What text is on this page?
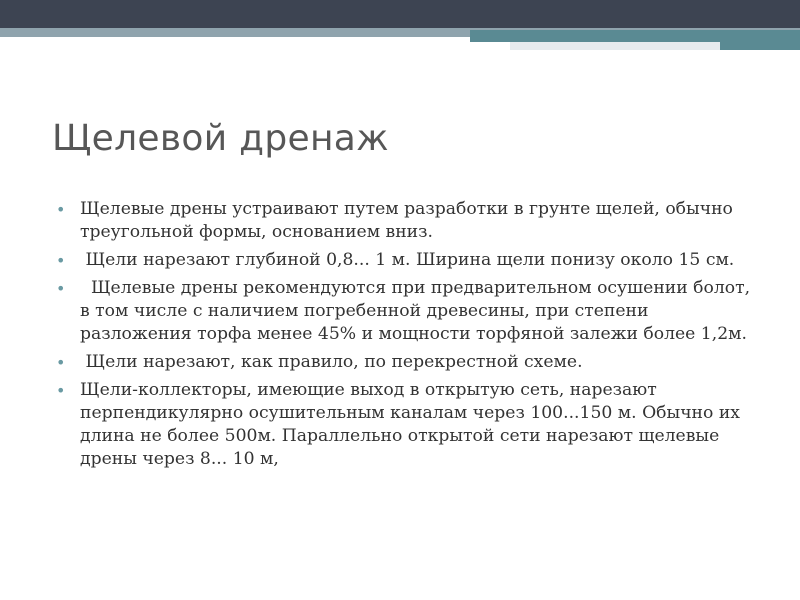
Щелевой дренаж
• Щелевые дрены устраивают путем разработки в грунте щелей, обычно треугольной формы, основанием вниз.
• Щели нарезают глубиной 0,8... 1 м. Ширина щели понизу около 15 см.
• Щелевые дрены рекомендуются при предварительном осушении болот, в том числе с наличием погребенной древесины, при степени разложения торфа менее 45% и мощности торфяной залежи более 1,2м.
• Щели нарезают, как правило, по перекрестной схеме.
• Щели-коллекторы, имеющие выход в открытую сеть, нарезают перпендикулярно осушительным каналам через 100...150 м. Обычно их длина не более 500м. Параллельно открытой сети нарезают щелевые дрены через 8... 10 м,
